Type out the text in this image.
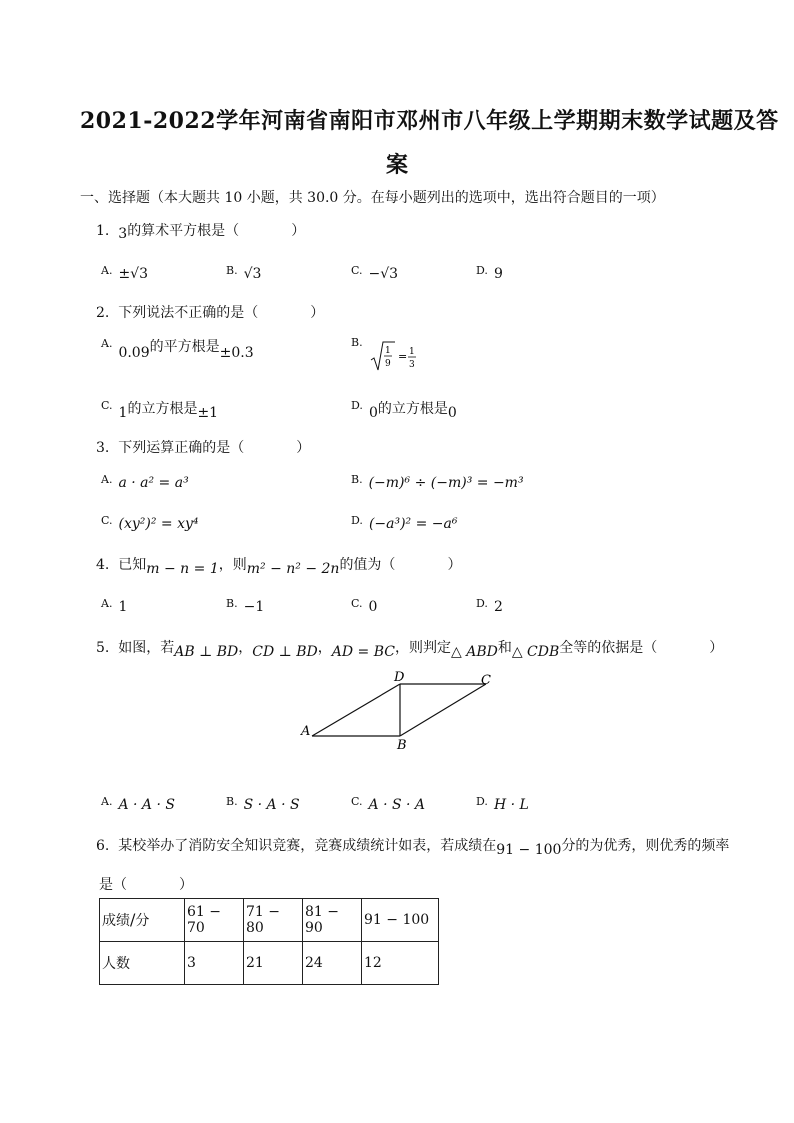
2021-2022学年河南省南阳市邓州市八年级上学期期末数学试题及答
案
一、选择题（本大题共 10 小题，共 30.0 分。在每小题列出的选项中，选出符合题目的一项）
1. 3的算术平方根是（	）
$^{A.}$ ±√3	$^{B.}$ √3	$^{C.}$ −√3	$^{D.}$ 9
2. 下列说法不正确的是（	）
$^{A.}$0.09的平方根是±0.3
$^{B.}$
1
9
= 1
3
$^{C.}$ 1的立方根是±1	$^{D.}$ 0的立方根是0
3. 下列运算正确的是（	）
$^{A.}$ a · a² = a³	$^{B.}$ (−m)⁶ ÷ (−m)³ = −m³
$^{C.}$ (xy²)² = xy⁴	$^{D.}$ (−a³)² = −a⁶
4. 已知m − n = 1，则m² − n² − 2n的值为（	）
$^{A.}$ 1	$^{B.}$ −1	$^{C.}$ 0	$^{D.}$ 2
5. 如图，若AB ⊥ BD，CD ⊥ BD，AD = BC，则判定△ ABD和△ CDB全等的依据是（	）
A
B
C
D
$^{A.}$ A · A · S	$^{B.}$ S · A · S	$^{C.}$ A · S · A	$^{D.}$ H · L
6. 某校举办了消防安全知识竞赛，竞赛成绩统计如表，若成绩在91 − 100分的为优秀，则优秀的频率
是（	）
成绩/分	61 − 70	71 − 80	81 − 90	91 − 100
人数	3	21	24	12
